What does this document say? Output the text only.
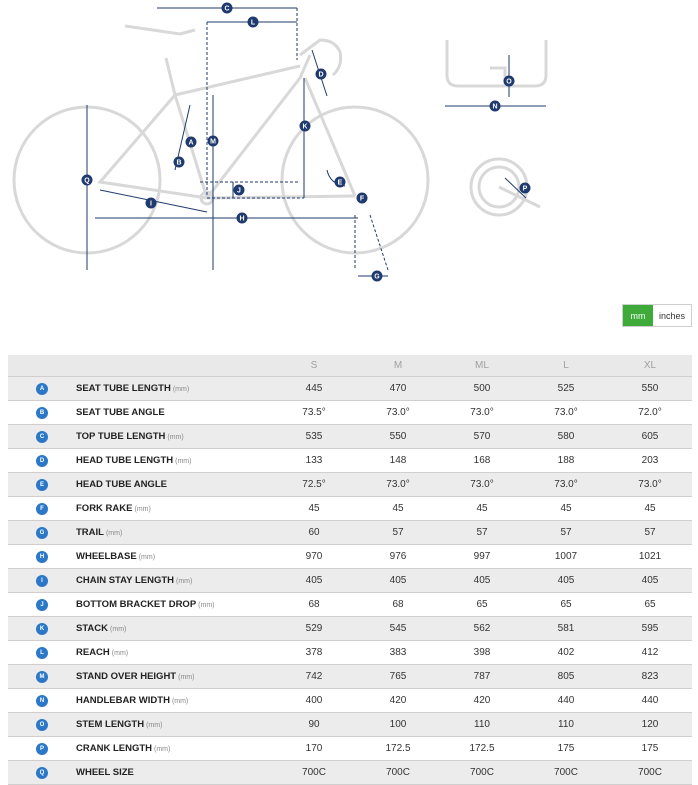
A
B
C
D
E
F
G
H
I
J
K
L
M
N
O
P
Q
mm	inches
		S	M	ML	L	XL
A	SEAT TUBE LENGTH (mm)	445	470	500	525	550
B	SEAT TUBE ANGLE	73.5°	73.0°	73.0°	73.0°	72.0°
C	TOP TUBE LENGTH (mm)	535	550	570	580	605
D	HEAD TUBE LENGTH (mm)	133	148	168	188	203
E	HEAD TUBE ANGLE	72.5°	73.0°	73.0°	73.0°	73.0°
F	FORK RAKE (mm)	45	45	45	45	45
G	TRAIL (mm)	60	57	57	57	57
H	WHEELBASE (mm)	970	976	997	1007	1021
I	CHAIN STAY LENGTH (mm)	405	405	405	405	405
J	BOTTOM BRACKET DROP (mm)	68	68	65	65	65
K	STACK (mm)	529	545	562	581	595
L	REACH (mm)	378	383	398	402	412
M	STAND OVER HEIGHT (mm)	742	765	787	805	823
N	HANDLEBAR WIDTH (mm)	400	420	420	440	440
O	STEM LENGTH (mm)	90	100	110	110	120
P	CRANK LENGTH (mm)	170	172.5	172.5	175	175
Q	WHEEL SIZE	700C	700C	700C	700C	700C
